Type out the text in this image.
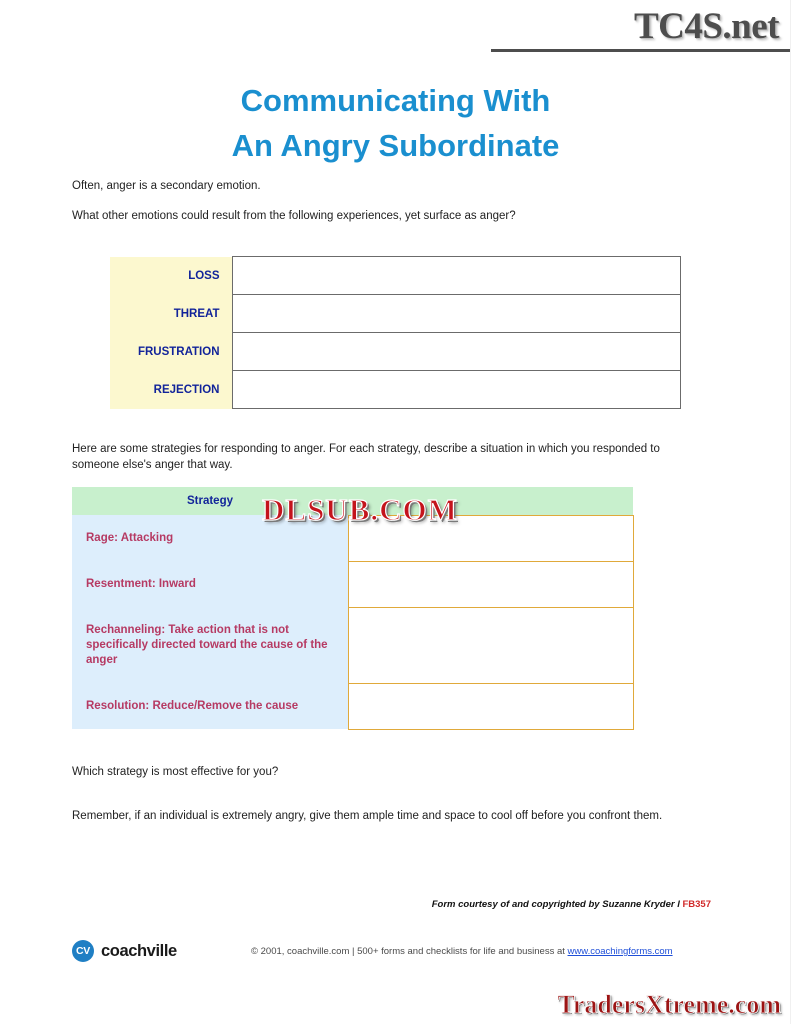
TC4S.net
Communicating With
An Angry Subordinate
Often, anger is a secondary emotion.
What other emotions could result from the following experiences, yet surface as anger?
LOSS	
THREAT	
FRUSTRATION	
REJECTION	
Here are some strategies for responding to anger. For each strategy, describe a situation in which you responded to someone else's anger that way.
Strategy	
Rage: Attacking	
Resentment: Inward	
Rechanneling: Take action that is not specifically directed toward the cause of the anger	
Resolution: Reduce/Remove the cause	
DLSUB.COM
Which strategy is most effective for you?
Remember, if an individual is extremely angry, give them ample time and space to cool off before you confront them.
Form courtesy of and copyrighted by Suzanne Kryder l FB357
CV coachville	© 2001, coachville.com | 500+ forms and checklists for life and business at www.coachingforms.com
TradersXtreme.com
